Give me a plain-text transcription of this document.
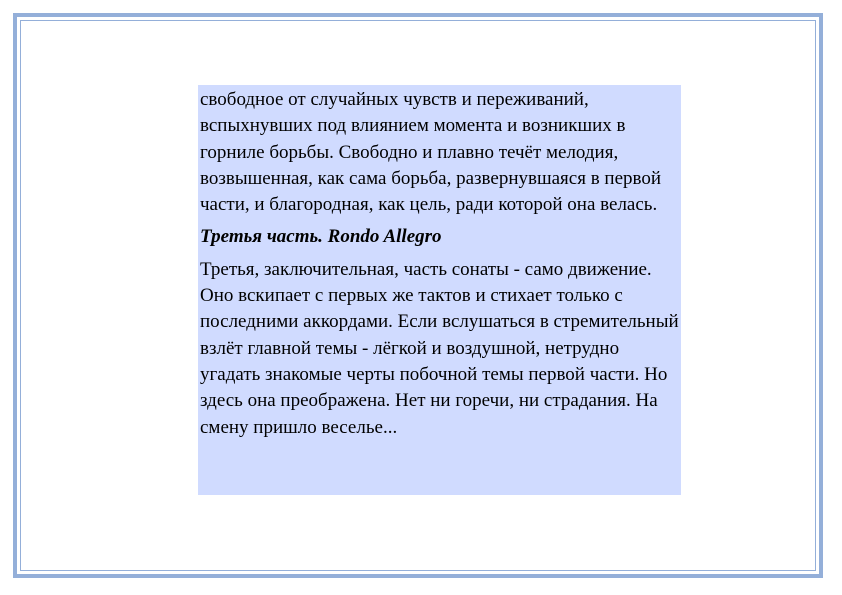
свободное от случайных чувств и переживаний, вспыхнувших под влиянием момента и возникших в горниле борьбы. Свободно и плавно течёт мелодия, возвышенная, как сама борьба, развернувшаяся в первой части, и благородная, как цель, ради которой она велась.

Третья часть. Rondo Allegro

Третья, заключительная, часть сонаты - само движение. Оно вскипает с первых же тактов и стихает только с последними аккордами. Если вслушаться в стремительный взлёт главной темы - лёгкой и воздушной, нетрудно угадать знакомые черты побочной темы первой части. Но здесь она преображена. Нет ни горечи, ни страдания. На смену пришло веселье...
